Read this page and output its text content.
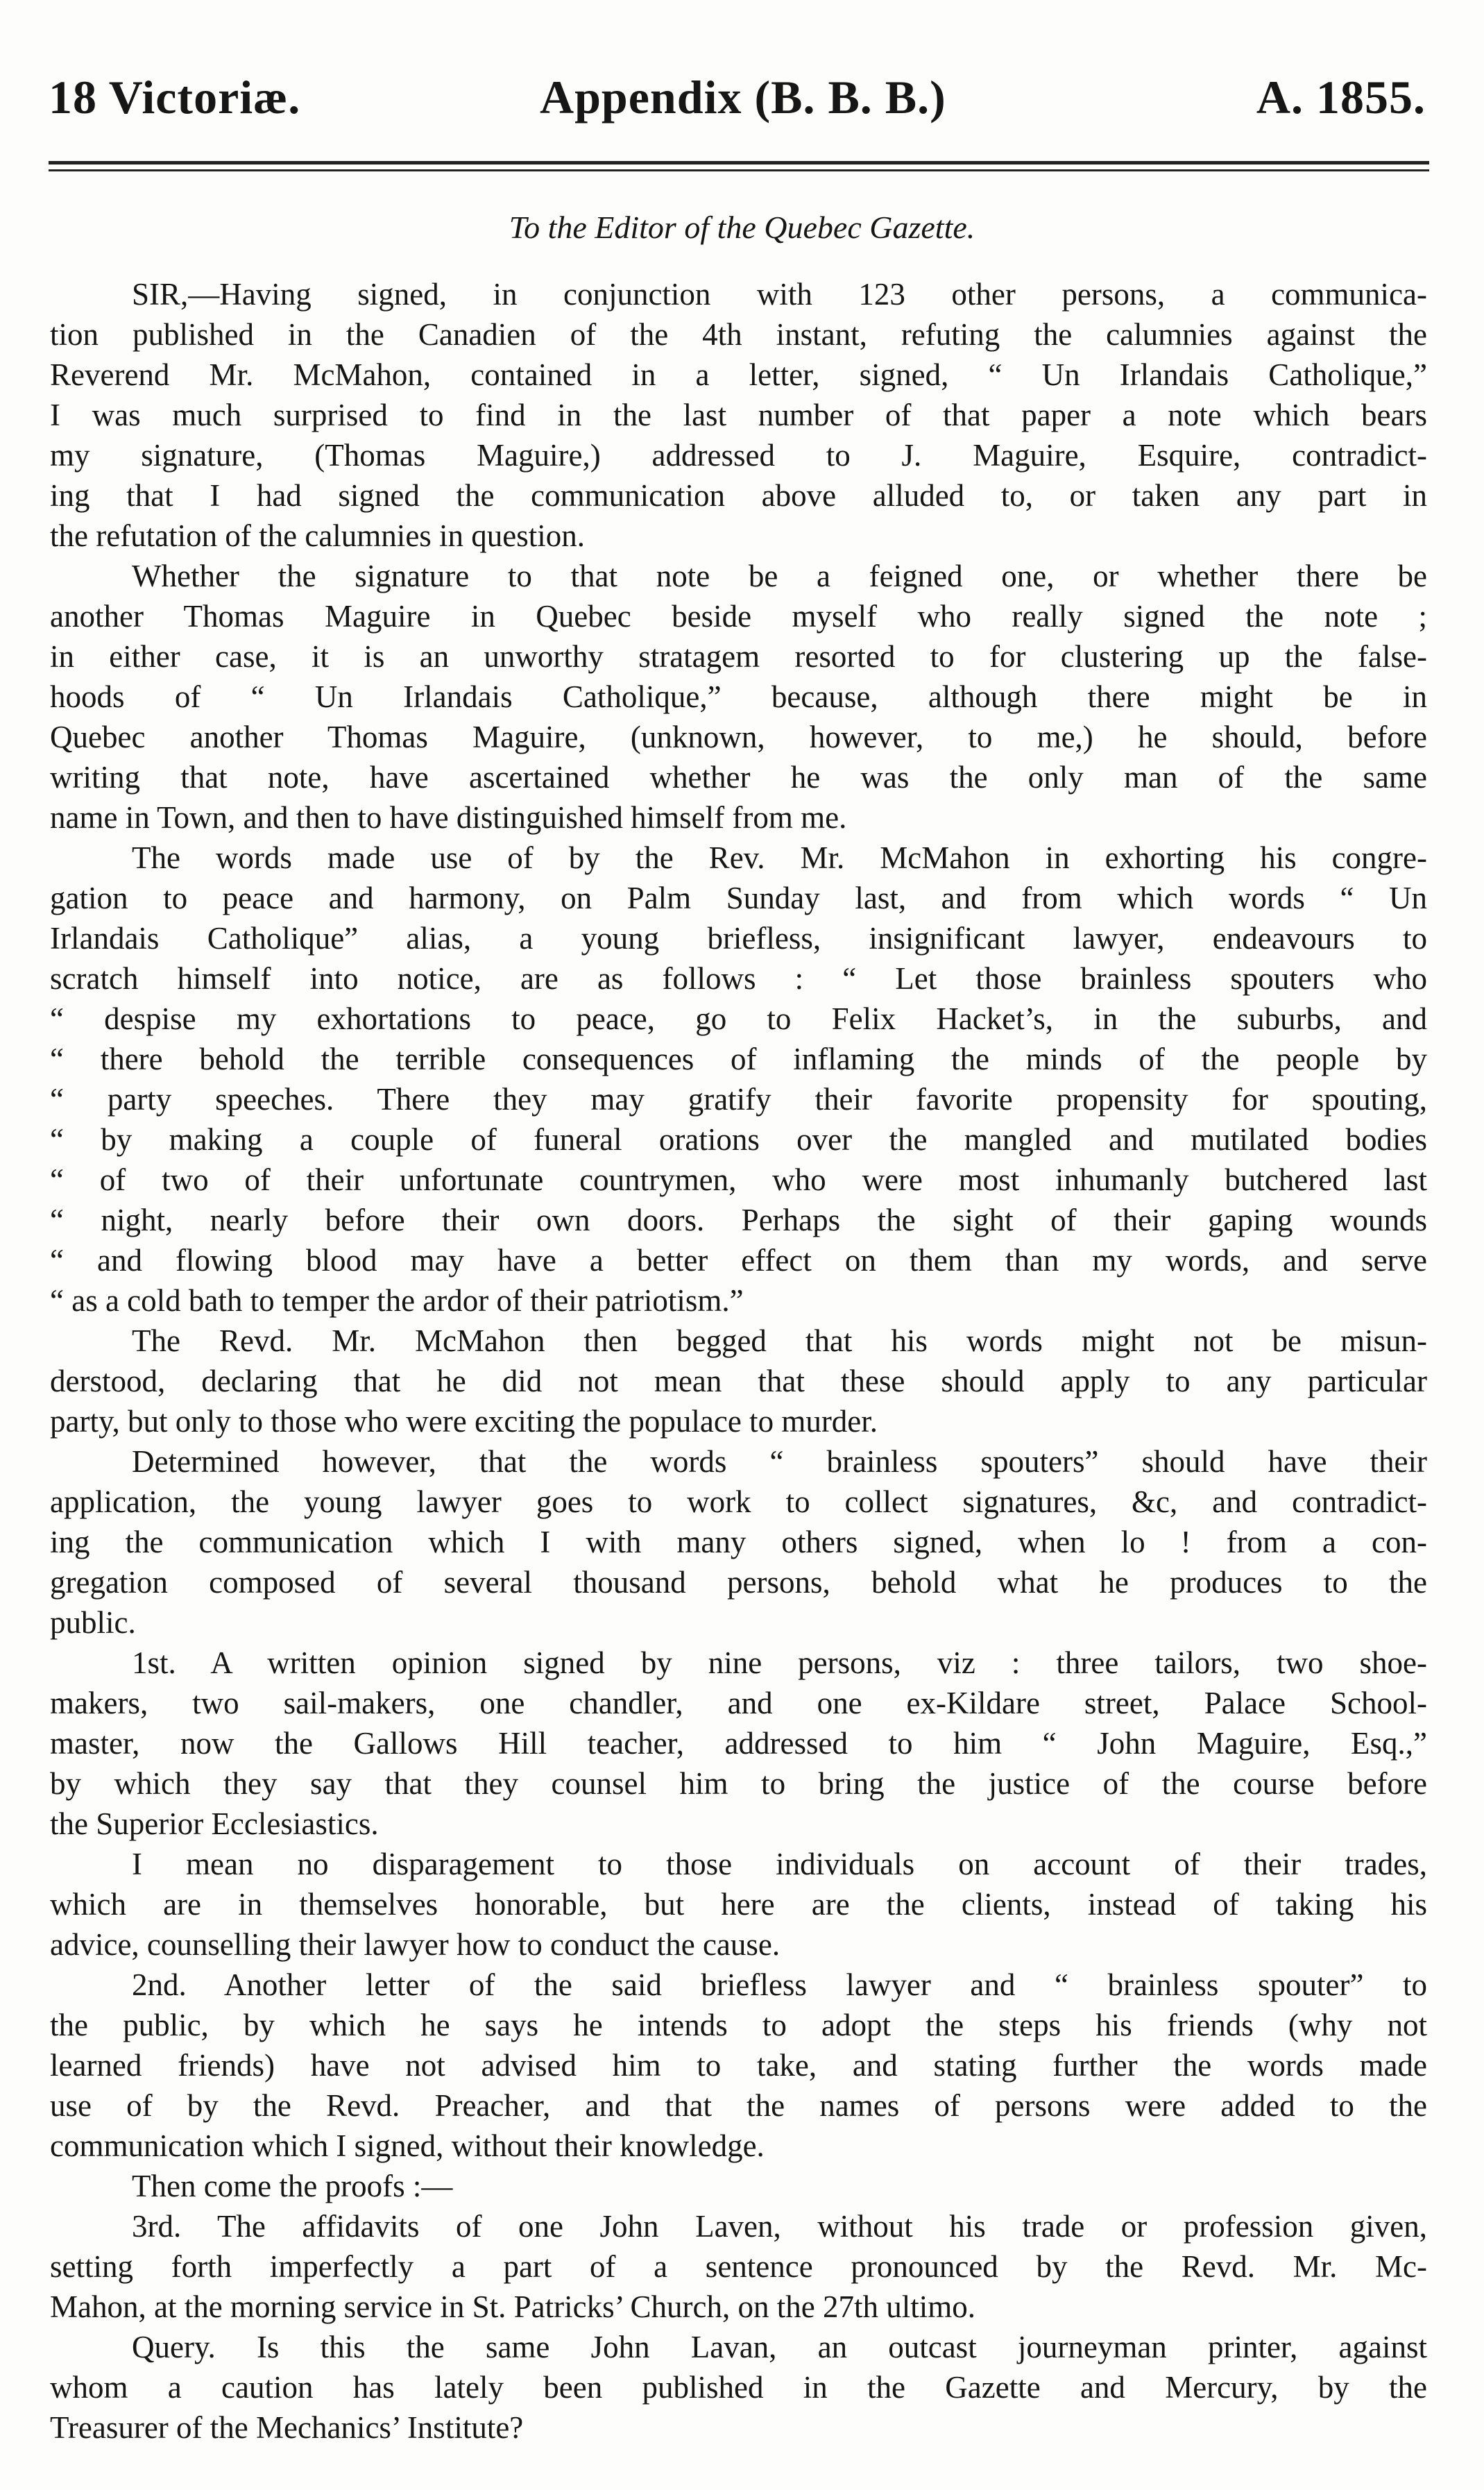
18 Victoriæ.	Appendix (B. B. B.)	A. 1855.
To the Editor of the Quebec Gazette.
SIR,—Having signed, in conjunction with 123 other persons, a communica-
tion published in the Canadien of the 4th instant, refuting the calumnies against the
Reverend Mr. McMahon, contained in a letter, signed, “ Un Irlandais Catholique,”
I was much surprised to find in the last number of that paper a note which bears
my signature, (Thomas Maguire,) addressed to J. Maguire, Esquire, contradict-
ing that I had signed the communication above alluded to, or taken any part in
the refutation of the calumnies in question.
Whether the signature to that note be a feigned one, or whether there be
another Thomas Maguire in Quebec beside myself who really signed the note ;
in either case, it is an unworthy stratagem resorted to for clustering up the false-
hoods of “ Un Irlandais Catholique,” because, although there might be in
Quebec another Thomas Maguire, (unknown, however, to me,) he should, before
writing that note, have ascertained whether he was the only man of the same
name in Town, and then to have distinguished himself from me.
The words made use of by the Rev. Mr. McMahon in exhorting his congre-
gation to peace and harmony, on Palm Sunday last, and from which words “ Un
Irlandais Catholique” alias, a young briefless, insignificant lawyer, endeavours to
scratch himself into notice, are as follows : “ Let those brainless spouters who
“ despise my exhortations to peace, go to Felix Hacket’s, in the suburbs, and
“ there behold the terrible consequences of inflaming the minds of the people by
“ party speeches. There they may gratify their favorite propensity for spouting,
“ by making a couple of funeral orations over the mangled and mutilated bodies
“ of two of their unfortunate countrymen, who were most inhumanly butchered last
“ night, nearly before their own doors. Perhaps the sight of their gaping wounds
“ and flowing blood may have a better effect on them than my words, and serve
“ as a cold bath to temper the ardor of their patriotism.”
The Revd. Mr. McMahon then begged that his words might not be misun-
derstood, declaring that he did not mean that these should apply to any particular
party, but only to those who were exciting the populace to murder.
Determined however, that the words “ brainless spouters” should have their
application, the young lawyer goes to work to collect signatures, &c, and contradict-
ing the communication which I with many others signed, when lo ! from a con-
gregation composed of several thousand persons, behold what he produces to the
public.
1st. A written opinion signed by nine persons, viz : three tailors, two shoe-
makers, two sail-makers, one chandler, and one ex-Kildare street, Palace School-
master, now the Gallows Hill teacher, addressed to him “ John Maguire, Esq.,”
by which they say that they counsel him to bring the justice of the course before
the Superior Ecclesiastics.
I mean no disparagement to those individuals on account of their trades,
which are in themselves honorable, but here are the clients, instead of taking his
advice, counselling their lawyer how to conduct the cause.
2nd. Another letter of the said briefless lawyer and “ brainless spouter” to
the public, by which he says he intends to adopt the steps his friends (why not
learned friends) have not advised him to take, and stating further the words made
use of by the Revd. Preacher, and that the names of persons were added to the
communication which I signed, without their knowledge.
Then come the proofs :—
3rd. The affidavits of one John Laven, without his trade or profession given,
setting forth imperfectly a part of a sentence pronounced by the Revd. Mr. Mc-
Mahon, at the morning service in St. Patricks’ Church, on the 27th ultimo.
Query. Is this the same John Lavan, an outcast journeyman printer, against
whom a caution has lately been published in the Gazette and Mercury, by the
Treasurer of the Mechanics’ Institute?
